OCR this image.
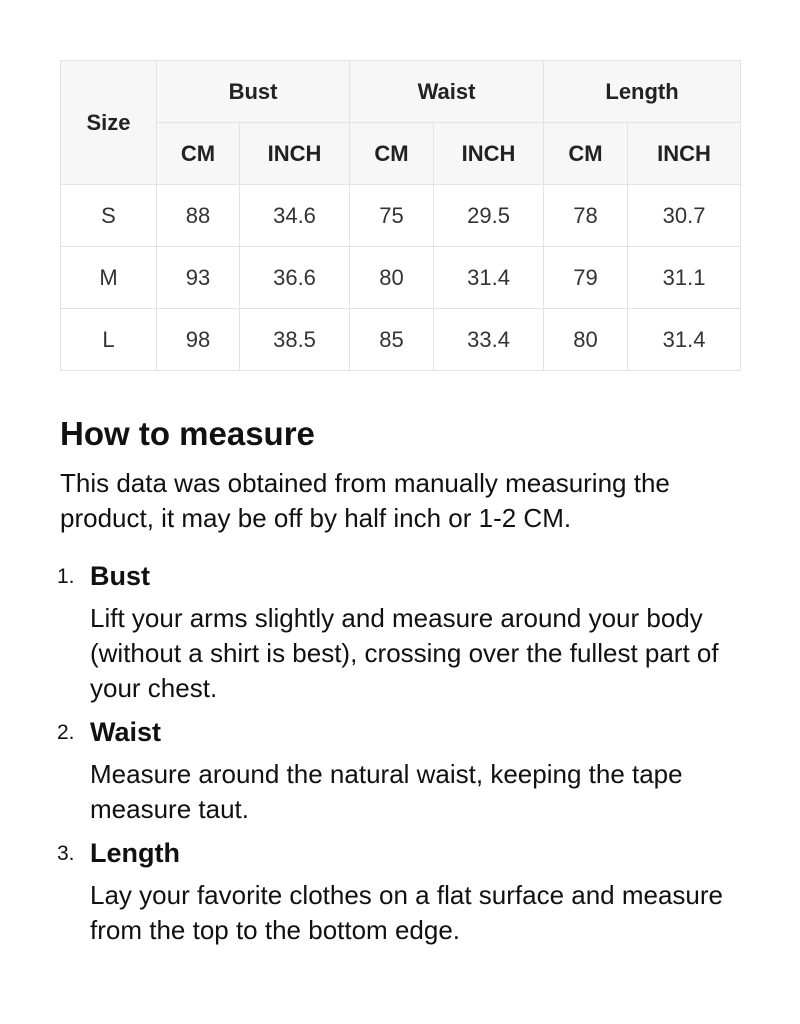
Size	Bust		Waist		Length	
	CM	INCH	CM	INCH	CM	INCH
S	88	34.6	75	29.5	78	30.7
M	93	36.6	80	31.4	79	31.1
L	98	38.5	85	33.4	80	31.4
How to measure

This data was obtained from manually measuring the product, it may be off by half inch or 1-2 CM.

1. Bust
Lift your arms slightly and measure around your body (without a shirt is best), crossing over the fullest part of your chest.
2. Waist
Measure around the natural waist, keeping the tape measure taut.
3. Length
Lay your favorite clothes on a flat surface and measure from the top to the bottom edge.
